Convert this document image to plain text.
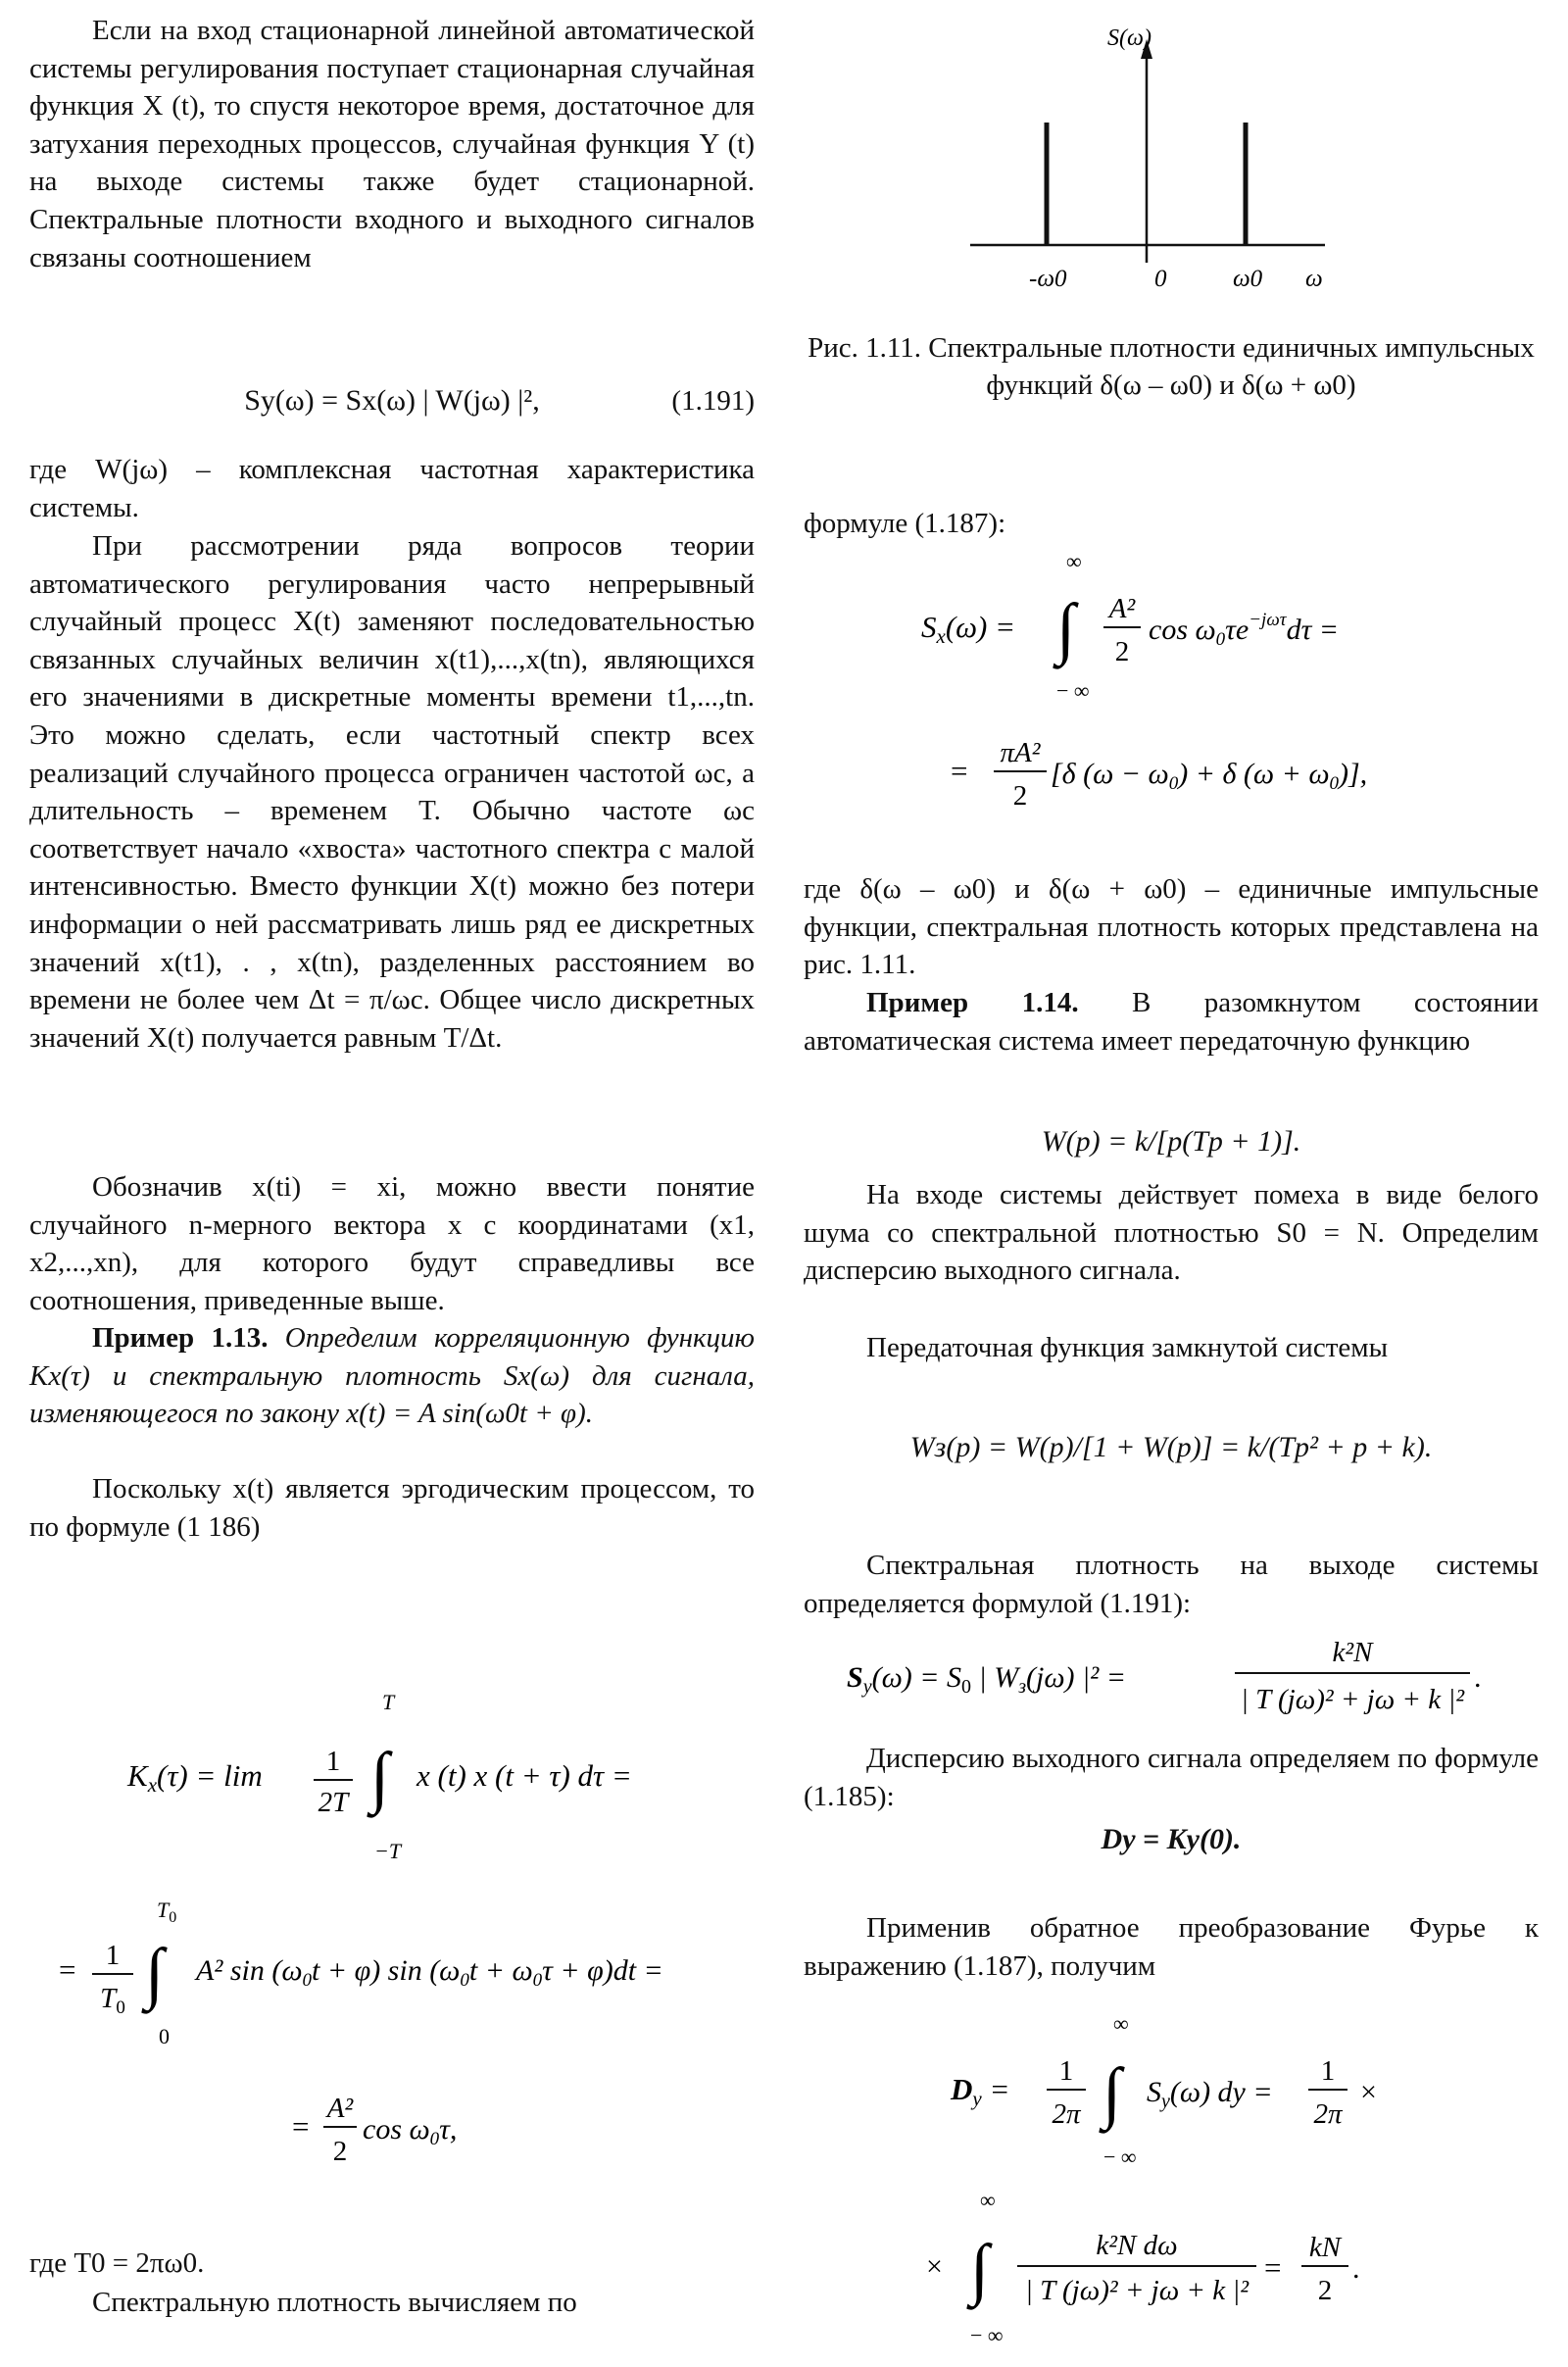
Если на вход стационарной линейной автоматической системы регулирования поступает стационарная случайная функция X (t), то спустя некоторое время, достаточное для затухания переходных процессов, случайная функция Y (t) на выходе системы также будет стационарной. Спектральные плотности входного и выходного сигналов связаны соотношением

Sy(ω) = Sx(ω) | W(jω) |²,	(1.191)

где W(jω) – комплексная частотная характеристика системы.

При рассмотрении ряда вопросов теории автоматического регулирования часто непрерывный случайный процесс X(t) заменяют последовательностью связанных случайных величин x(t1),...,x(tn), являющихся его значениями в дискретные моменты времени t1,...,tn. Это можно сделать, если частотный спектр всех реализаций случайного процесса ограничен частотой ωc, а длительность – временем T. Обычно частоте ωc соответствует начало «хвоста» частотного спектра с малой интенсивностью. Вместо функции X(t) можно без потери информации о ней рассматривать лишь ряд ее дискретных значений x(t1), . , x(tn), разделенных расстоянием во времени не более чем Δt = π/ωc. Общее число дискретных значений X(t) получается равным T/Δt.

Обозначив x(ti) = xi, можно ввести понятие случайного n-мерного вектора x с координатами (x1, x2,...,xn), для которого будут справедливы все соотношения, приведенные выше.

Пример 1.13. Определим корреляционную функцию Kx(τ) и спектральную плотность Sx(ω) для сигнала, изменяющегося по закону x(t) = A sin(ω0t + φ).

Поскольку x(t) является эргодическим процессом, то по формуле (1 186)

Kx(τ) = lim 1
2T ∫
T
−T
x (t) x (t + τ) dτ =
= 1
$T_0$ ∫
$T_0$
0
A² $\sin (\omega_0t + \varphi)$ $\sin (\omega_0t + \omega_0\tau + \varphi)dt$ =
=
A²
2
$\cos \omega_0\tau$,

где T0 = 2πω0.

Спектральную плотность вычисляем по

S(ω)
-ω0	0	ω0 ω
Рис. 1.11. Спектральные плотности единичных импульсных функций δ(ω – ω0) и δ(ω + ω0)

формуле (1.187):

Sx(ω) = ∫
∞
− ∞
A²
2
$\cos \omega_0\tau e^{-j\omega\tau}d\tau$ =
=
πA²
2
[δ $(\omega - \omega_0) + \delta$ $(\omega + \omega_0)$],

где δ(ω – ω0) и δ(ω + ω0) – единичные импульсные функции, спектральная плотность которых представлена на рис. 1.11.

Пример 1.14. В разомкнутом состоянии автоматическая система имеет передаточную функцию

W(p) = k/[p(Tp + 1)].

На входе системы действует помеха в виде белого шума со спектральной плотностью S0 = N. Определим дисперсию выходного сигнала.

Передаточная функция замкнутой системы

Wз(p) = W(p)/[1 + W(p)] = k/(Tp² + p + k).

Спектральная плотность на выходе системы определяется формулой (1.191):

$S_y(\omega) = S_0$ | $W_з(j\omega) |^2$ =
k²N
| T (jω)² + jω + k |²
.

Дисперсию выходного сигнала определяем по формуле (1.185):

Dy = Ky(0).

Применив обратное преобразование Фурье к выражению (1.187), получим

Dy =
1
2π ∫
∞
− ∞
$S_y(\omega)$ dy =
1
2π
×
× ∫
∞
− ∞
k²N dω
| T (jω)² + jω + k |²
=
kN
2
.
